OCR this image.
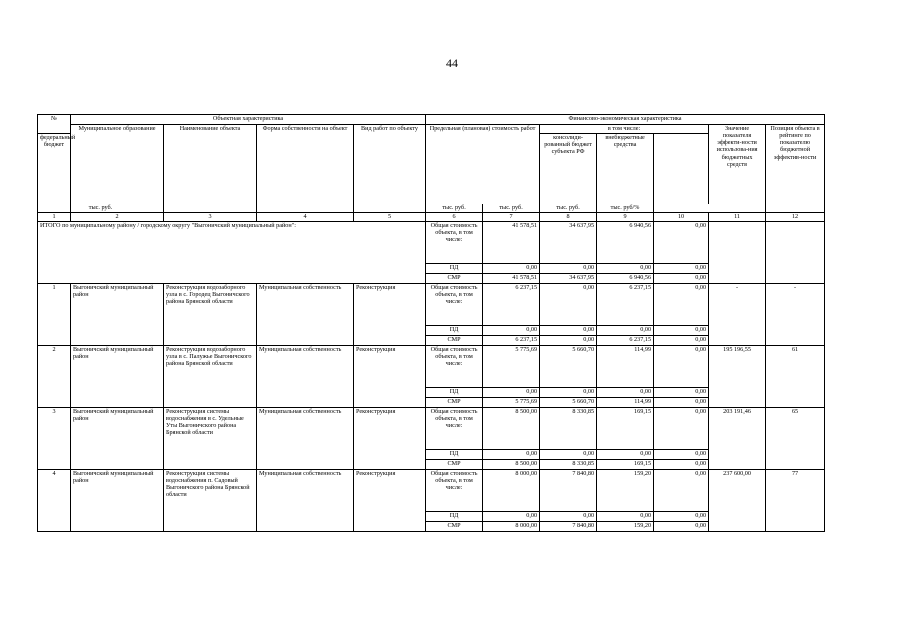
44
№	Объектная характеристика				Финансово-экономическая характеристика						
	Муниципальное образование	Наименование объекта	Форма собственности на объект	Вид работ по объекту	Предельная (плановая) стоимость работ		в том числе:			Значение показателя эффекти-ности использова-ния бюджетных средств	Позиция объекта в рейтинге по показателю бюджетной эффектив-ности
федеральный бюджет							консолиди-рованный бюджет субъекта РФ	внебюджетные средства			
тыс. руб.					тыс. руб.	тыс. руб.	тыс. руб.	тыс. руб/%			
1	2	3	4	5	6	7	8	9	10	11	12
ИТОГО по муниципальному району / городскому округу "Выгоничский муниципальный район":					Общая стоимость объекта, в том числе:	41 578,51	34 637,95	6 940,56	0,00		
					ПД	0,00	0,00	0,00	0,00		
					СМР	41 578,51	34 637,95	6 940,56	0,00		
1	Выгоничский муниципальный район	Реконструкция водозаборного узла в с. Городец Выгоничского района Брянской области	Муниципальная собственность	Реконструкция	Общая стоимость объекта, в том числе:	6 237,15	0,00	6 237,15	0,00	-	-
					ПД	0,00	0,00	0,00	0,00		
					СМР	6 237,15	0,00	6 237,15	0,00		
2	Выгоничский муниципальный район	Реконструкция водозаборного узла в с. Палужье Выгоничского района Брянской области	Муниципальная собственность	Реконструкция	Общая стоимость объекта, в том числе:	5 775,69	5 660,70	114,99	0,00	195 196,55	61
					ПД	0,00	0,00	0,00	0,00		
					СМР	5 775,69	5 660,70	114,99	0,00		
3	Выгоничский муниципальный район	Реконструкция системы водоснабжения в с. Удельные Уты Выгоничского района Брянской области	Муниципальная собственность	Реконструкция	Общая стоимость объекта, в том числе:	8 500,00	8 330,85	169,15	0,00	203 191,46	65
					ПД	0,00	0,00	0,00	0,00		
					СМР	8 500,00	8 330,85	169,15	0,00		
4	Выгоничский муниципальный район	Реконструкция системы водоснабжения п. Садовый Выгоничского района Брянской области	Муниципальная собственность	Реконструкция	Общая стоимость объекта, в том числе:	8 000,00	7 840,80	159,20	0,00	237 600,00	77
					ПД	0,00	0,00	0,00	0,00		
					СМР	8 000,00	7 840,80	159,20	0,00		
